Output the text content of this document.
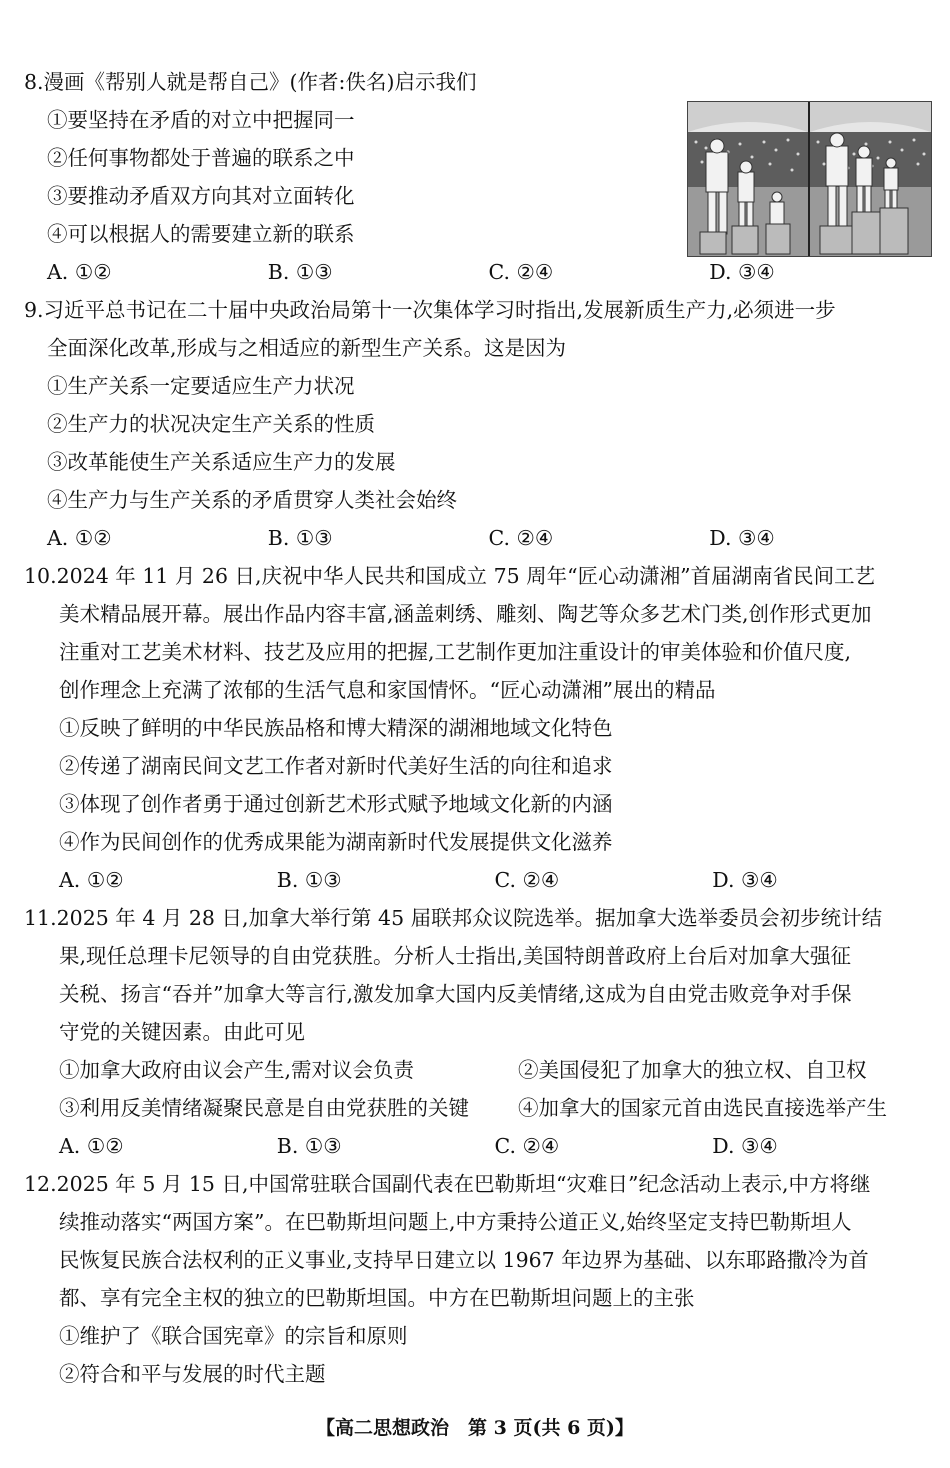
8.漫画《帮别人就是帮自己》(作者:佚名)启示我们
①要坚持在矛盾的对立中把握同一
②任何事物都处于普遍的联系之中
③要推动矛盾双方向其对立面转化
④可以根据人的需要建立新的联系
A. ①②	B. ①③	C. ②④	D. ③④
9.习近平总书记在二十届中央政治局第十一次集体学习时指出,发展新质生产力,必须进一步
全面深化改革,形成与之相适应的新型生产关系。这是因为
①生产关系一定要适应生产力状况
②生产力的状况决定生产关系的性质
③改革能使生产关系适应生产力的发展
④生产力与生产关系的矛盾贯穿人类社会始终
A. ①②	B. ①③	C. ②④	D. ③④
10.2024 年 11 月 26 日,庆祝中华人民共和国成立 75 周年“匠心动潇湘”首届湖南省民间工艺
美术精品展开幕。展出作品内容丰富,涵盖刺绣、雕刻、陶艺等众多艺术门类,创作形式更加
注重对工艺美术材料、技艺及应用的把握,工艺制作更加注重设计的审美体验和价值尺度,
创作理念上充满了浓郁的生活气息和家国情怀。“匠心动潇湘”展出的精品
①反映了鲜明的中华民族品格和博大精深的湖湘地域文化特色
②传递了湖南民间文艺工作者对新时代美好生活的向往和追求
③体现了创作者勇于通过创新艺术形式赋予地域文化新的内涵
④作为民间创作的优秀成果能为湖南新时代发展提供文化滋养
A. ①②	B. ①③	C. ②④	D. ③④
11.2025 年 4 月 28 日,加拿大举行第 45 届联邦众议院选举。据加拿大选举委员会初步统计结
果,现任总理卡尼领导的自由党获胜。分析人士指出,美国特朗普政府上台后对加拿大强征
关税、扬言“吞并”加拿大等言行,激发加拿大国内反美情绪,这成为自由党击败竞争对手保
守党的关键因素。由此可见
①加拿大政府由议会产生,需对议会负责	②美国侵犯了加拿大的独立权、自卫权
③利用反美情绪凝聚民意是自由党获胜的关键	④加拿大的国家元首由选民直接选举产生
A. ①②	B. ①③	C. ②④	D. ③④
12.2025 年 5 月 15 日,中国常驻联合国副代表在巴勒斯坦“灾难日”纪念活动上表示,中方将继
续推动落实“两国方案”。在巴勒斯坦问题上,中方秉持公道正义,始终坚定支持巴勒斯坦人
民恢复民族合法权利的正义事业,支持早日建立以 1967 年边界为基础、以东耶路撒冷为首
都、享有完全主权的独立的巴勒斯坦国。中方在巴勒斯坦问题上的主张
①维护了《联合国宪章》的宗旨和原则
②符合和平与发展的时代主题
【高二思想政治　第 3 页(共 6 页)】
